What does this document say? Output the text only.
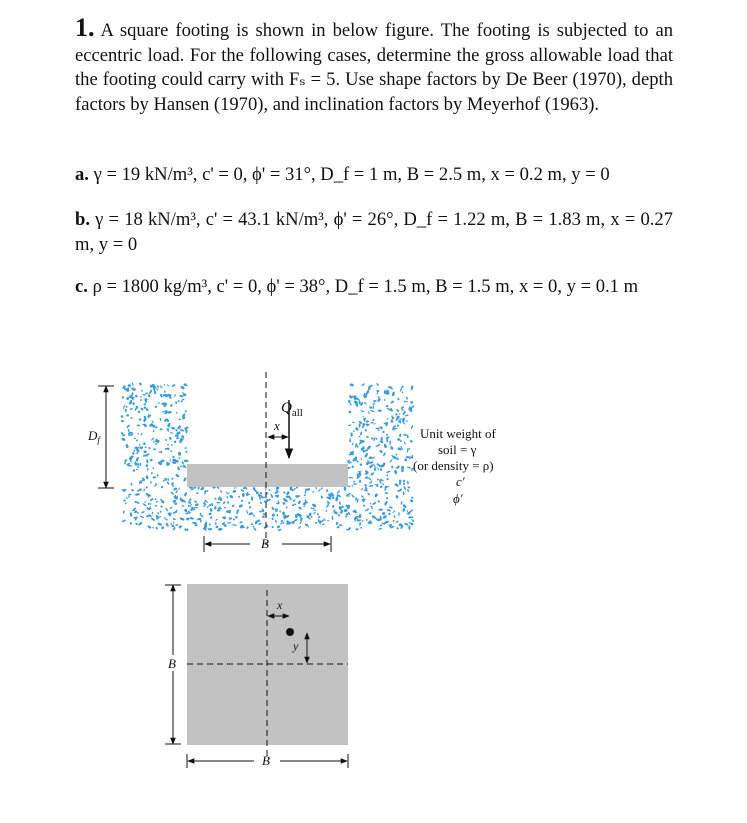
1. A square footing is shown in below figure. The footing is subjected to an eccentric load. For the following cases, determine the gross allowable load that the footing could carry with Fₛ = 5. Use shape factors by De Beer (1970), depth factors by Hansen (1970), and inclination factors by Meyerhof (1963).
a. γ = 19 kN/m³, c' = 0, ϕ' = 31°, D_f = 1 m, B = 2.5 m, x = 0.2 m, y = 0
b. γ = 18 kN/m³, c' = 43.1 kN/m³, ϕ' = 26°, D_f = 1.22 m, B = 1.83 m, x = 0.27 m, y = 0
c. ρ = 1800 kg/m³, c' = 0, ϕ' = 38°, D_f = 1.5 m, B = 1.5 m, x = 0, y = 0.1 m
$Q_{all}$
x
$D_f$
B
Unit weight of
soil = γ
(or density = ρ)
c′
ϕ′
x
y
B
B
